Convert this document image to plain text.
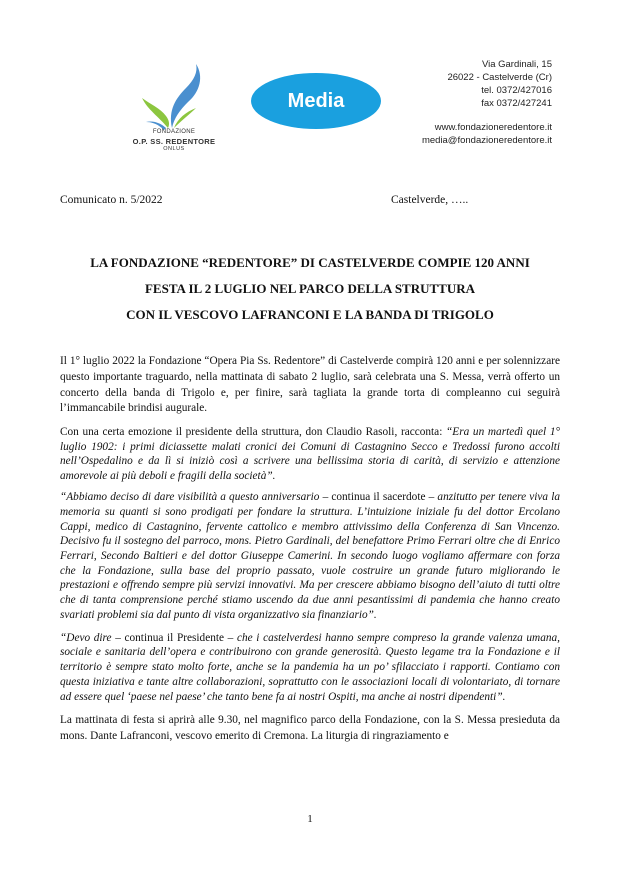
FONDAZIONE
O.P. SS. REDENTORE
ONLUS
Media
Via Gardinali, 15
26022 - Castelverde (Cr)
tel. 0372/427016
fax 0372/427241
www.fondazioneredentore.it
media@fondazioneredentore.it
Comunicato n. 5/2022	Castelverde, …..
LA FONDAZIONE “REDENTORE” DI CASTELVERDE COMPIE 120 ANNI
FESTA IL 2 LUGLIO NEL PARCO DELLA STRUTTURA
CON IL VESCOVO LAFRANCONI E LA BANDA DI TRIGOLO

Il 1° luglio 2022 la Fondazione “Opera Pia Ss. Redentore” di Castelverde compirà 120 anni e per solennizzare questo importante traguardo, nella mattinata di sabato 2 luglio, sarà celebrata una S. Messa, verrà offerto un concerto della banda di Trigolo e, per finire, sarà tagliata la grande torta di compleanno cui seguirà l’immancabile brindisi augurale.

Con una certa emozione il presidente della struttura, don Claudio Rasoli, racconta: “Era un martedì quel 1° luglio 1902: i primi diciassette malati cronici dei Comuni di Castagnino Secco e Tredossi furono accolti nell’Ospedalino e da lì si iniziò così a scrivere una bellissima storia di carità, di servizio e attenzione amorevole ai più deboli e fragili della società”.

“Abbiamo deciso di dare visibilità a questo anniversario – continua il sacerdote – anzitutto per tenere viva la memoria su quanti si sono prodigati per fondare la struttura. L’intuizione iniziale fu del dottor Ercolano Cappi, medico di Castagnino, fervente cattolico e membro attivissimo della Conferenza di San Vincenzo. Decisivo fu il sostegno del parroco, mons. Pietro Gardinali, del benefattore Primo Ferrari oltre che di Enrico Ferrari, Secondo Baltieri e del dottor Giuseppe Camerini. In secondo luogo vogliamo affermare con forza che la Fondazione, sulla base del proprio passato, vuole costruire un grande futuro migliorando le prestazioni e offrendo sempre più servizi innovativi. Ma per crescere abbiamo bisogno dell’aiuto di tutti oltre che di tanta comprensione perché stiamo uscendo da due anni pesantissimi di pandemia che hanno creato svariati problemi sia dal punto di vista organizzativo sia finanziario”.

“Devo dire – continua il Presidente – che i castelverdesi hanno sempre compreso la grande valenza umana, sociale e sanitaria dell’opera e contribuirono con grande generosità. Questo legame tra la Fondazione e il territorio è sempre stato molto forte, anche se la pandemia ha un po’ sfilacciato i rapporti. Contiamo con questa iniziativa e tante altre collaborazioni, soprattutto con le associazioni locali di volontariato, di tornare ad essere quel ‘paese nel paese’ che tanto bene fa ai nostri Ospiti, ma anche ai nostri dipendenti”.

La mattinata di festa si aprirà alle 9.30, nel magnifico parco della Fondazione, con la S. Messa presieduta da mons. Dante Lafranconi, vescovo emerito di Cremona. La liturgia di ringraziamento e

1
